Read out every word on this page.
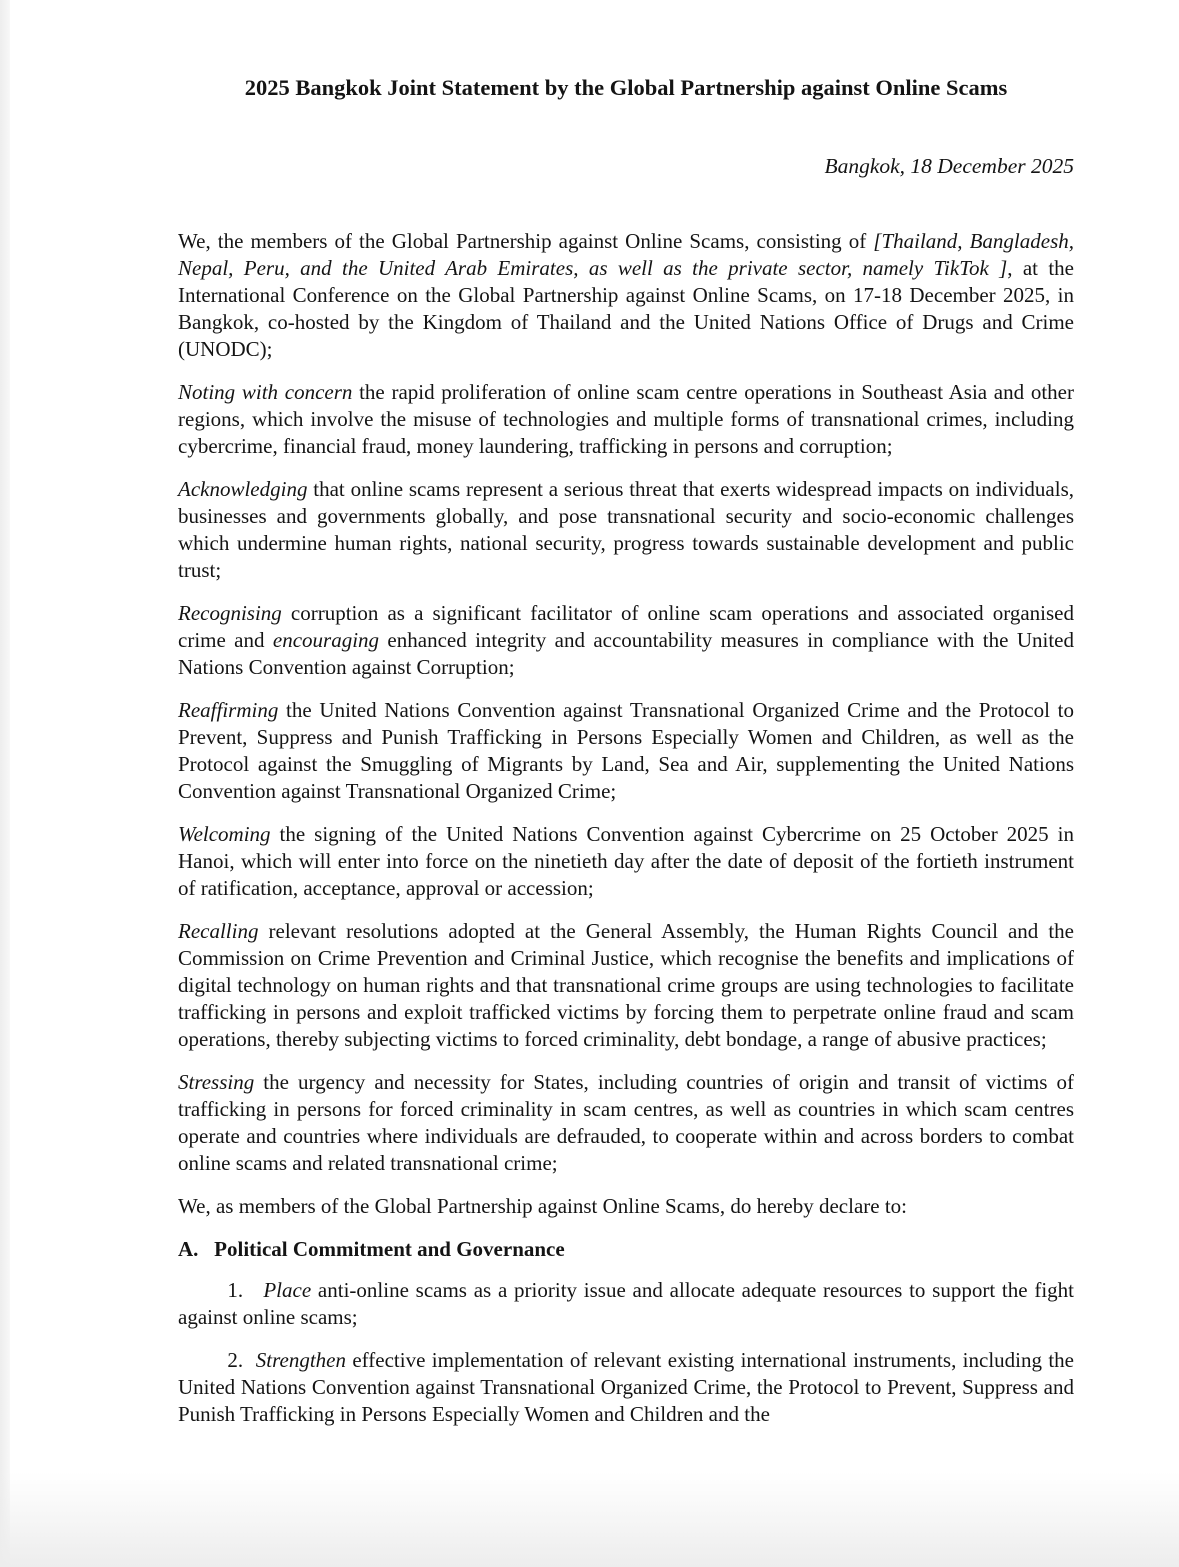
2025 Bangkok Joint Statement by the Global Partnership against Online Scams

Bangkok, 18 December 2025

We, the members of the Global Partnership against Online Scams, consisting of [Thailand, Bangladesh, Nepal, Peru, and the United Arab Emirates, as well as the private sector, namely TikTok ], at the International Conference on the Global Partnership against Online Scams, on 17-18 December 2025, in Bangkok, co-hosted by the Kingdom of Thailand and the United Nations Office of Drugs and Crime (UNODC);

Noting with concern the rapid proliferation of online scam centre operations in Southeast Asia and other regions, which involve the misuse of technologies and multiple forms of transnational crimes, including cybercrime, financial fraud, money laundering, trafficking in persons and corruption;

Acknowledging that online scams represent a serious threat that exerts widespread impacts on individuals, businesses and governments globally, and pose transnational security and socio-economic challenges which undermine human rights, national security, progress towards sustainable development and public trust;

Recognising corruption as a significant facilitator of online scam operations and associated organised crime and encouraging enhanced integrity and accountability measures in compliance with the United Nations Convention against Corruption;

Reaffirming the United Nations Convention against Transnational Organized Crime and the Protocol to Prevent, Suppress and Punish Trafficking in Persons Especially Women and Children, as well as the Protocol against the Smuggling of Migrants by Land, Sea and Air, supplementing the United Nations Convention against Transnational Organized Crime;

Welcoming the signing of the United Nations Convention against Cybercrime on 25 October 2025 in Hanoi, which will enter into force on the ninetieth day after the date of deposit of the fortieth instrument of ratification, acceptance, approval or accession;

Recalling relevant resolutions adopted at the General Assembly, the Human Rights Council and the Commission on Crime Prevention and Criminal Justice, which recognise the benefits and implications of digital technology on human rights and that transnational crime groups are using technologies to facilitate trafficking in persons and exploit trafficked victims by forcing them to perpetrate online fraud and scam operations, thereby subjecting victims to forced criminality, debt bondage, a range of abusive practices;

Stressing the urgency and necessity for States, including countries of origin and transit of victims of trafficking in persons for forced criminality in scam centres, as well as countries in which scam centres operate and countries where individuals are defrauded, to cooperate within and across borders to combat online scams and related transnational crime;

We, as members of the Global Partnership against Online Scams, do hereby declare to:

A.   Political Commitment and Governance

1.   Place anti-online scams as a priority issue and allocate adequate resources to support the fight against online scams;

2.  Strengthen effective implementation of relevant existing international instruments, including the United Nations Convention against Transnational Organized Crime, the Protocol to Prevent, Suppress and Punish Trafficking in Persons Especially Women and Children and the
